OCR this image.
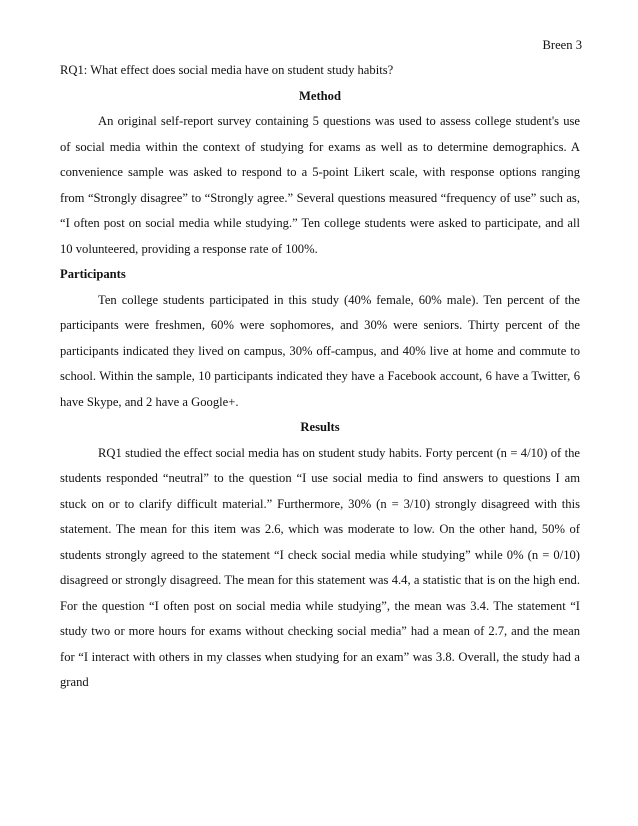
Breen 3

RQ1: What effect does social media have on student study habits?

Method

An original self-report survey containing 5 questions was used to assess college student's use of social media within the context of studying for exams as well as to determine demographics. A convenience sample was asked to respond to a 5-point Likert scale, with response options ranging from “Strongly disagree” to “Strongly agree.” Several questions measured “frequency of use” such as, “I often post on social media while studying.” Ten college students were asked to participate, and all 10 volunteered, providing a response rate of 100%.

Participants

Ten college students participated in this study (40% female, 60% male). Ten percent of the participants were freshmen, 60% were sophomores, and 30% were seniors. Thirty percent of the participants indicated they lived on campus, 30% off-campus, and 40% live at home and commute to school. Within the sample, 10 participants indicated they have a Facebook account, 6 have a Twitter, 6 have Skype, and 2 have a Google+.

Results

RQ1 studied the effect social media has on student study habits. Forty percent (n = 4/10) of the students responded “neutral” to the question “I use social media to find answers to questions I am stuck on or to clarify difficult material.” Furthermore, 30% (n = 3/10) strongly disagreed with this statement. The mean for this item was 2.6, which was moderate to low. On the other hand, 50% of students strongly agreed to the statement “I check social media while studying” while 0% (n = 0/10) disagreed or strongly disagreed. The mean for this statement was 4.4, a statistic that is on the high end. For the question “I often post on social media while studying”, the mean was 3.4. The statement “I study two or more hours for exams without checking social media” had a mean of 2.7, and the mean for “I interact with others in my classes when studying for an exam” was 3.8. Overall, the study had a grand
